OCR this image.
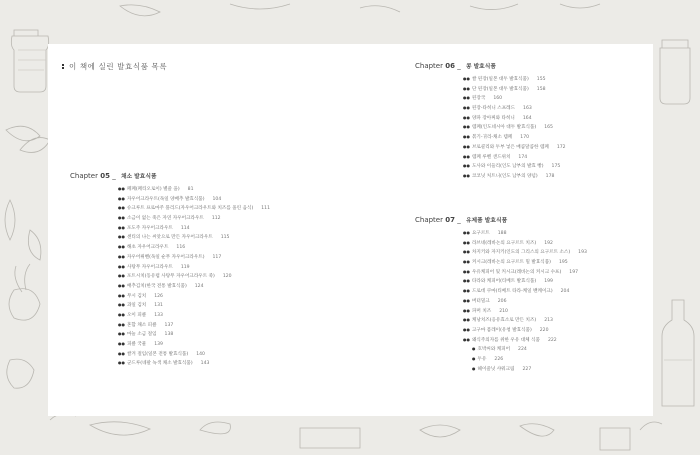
이 책에 실린 발효식품 목록
Chapter 05 _ 채소 발효식품
●● 페페(페티오로이) 별즐 을) 81
●● 자우어크라우트(독일 양배추 발효식품) 104
●● 슈크루트 프로마주 플리드(자우어크라우트와 치즈를 올린 음식) 111
●● 소금이 없는 죽은 자연 자우어크라우트 112
●● 포도주 자우어크라우트 114
●● 센티의 나는 씨앗으로 만든 자우어크라우트 115
●● 해초 자우어크라우트 116
●● 자우어뤼벤(독일 순무 자우어크라우트) 117
●● 사탕무 자우어크라우트 119
●● 포트시치(동유럽 사탕무 자우어크라우트 죽) 120
●● 배추김치(한국 전통 발효식품) 124
●● 무시 김치 126
●● 과일 김치 131
●● 오이 피클 133
●● 혼합 채소 피클 137
●● 마늘 소금 절임 138
●● 피클 국물 139
●● 쌀겨 절임(일본 전통 발효식품) 140
●● 군드루(네팔 녹색 채소 발효식품) 143
Chapter 06 _ 콩 발효식품
●● 쌀 된장(일본 대두 발효식품) 155
●● 단 된장(일본 대두 발효식품) 158
●● 된장국 160
●● 된장-타히니 스프레드 163
●● 양파 장아찌와 타히니 164
●● 템페(인도네시아 대두 발효식품) 165
●● 볶기-귀리-채소 템페 170
●● 브로콜리와 두부 넣은 매콤달콤한 템페 172
●● 템페 루벤 샌드위치 174
●● 도사와 이들리(인도 남부의 발효 빵) 175
●● 코코넛 처트니(인도 남부의 양념) 178
Chapter 07 _ 유제품 발효식품
●● 요구르트 188
●● 라브네(레바논의 요구르트 치즈) 192
●● 차지키와 자지키(인도의 그리스의 요구르트 소스) 193
●● 커시크(레바논의 요구르트 밀 발효식품) 195
●● 우유케피어 및 커시크(레바논의 커시크 수프) 197
●● 타라와 케피어(티베트 발효식품) 199
●● 드로데 쿠마(티베트 타라-케일 밴케이크) 204
●● 버터밀크 206
●● 파머 치즈 210
●● 케낭치즈(응유효소로 만든 치즈) 213
●● 고구마 몸레이(유청 발효식품) 220
●● 왜식주의자를 위한 우유 대체 식품 222
● 호박씨와 케피어 224
● 두유 226
● 헤이즐넛 샤워크림 227
